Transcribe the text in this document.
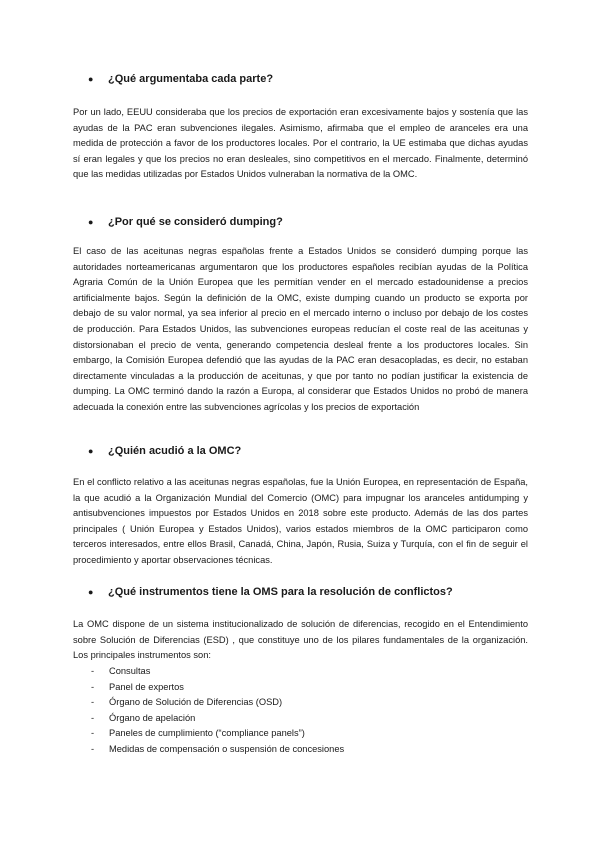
● ¿Qué argumentaba cada parte?

Por un lado, EEUU consideraba que los precios de exportación eran excesivamente bajos y sostenía que las ayudas de la PAC eran subvenciones ilegales. Asimismo, afirmaba que el empleo de aranceles era una medida de protección a favor de los productores locales. Por el contrario, la UE estimaba que dichas ayudas sí eran legales y que los precios no eran desleales, sino competitivos en el mercado. Finalmente, determinó que las medidas utilizadas por Estados Unidos vulneraban la normativa de la OMC.

● ¿Por qué se consideró dumping?

El caso de las aceitunas negras españolas frente a Estados Unidos se consideró dumping porque las autoridades norteamericanas argumentaron que los productores españoles recibían ayudas de la Política Agraria Común de la Unión Europea que les permitían vender en el mercado estadounidense a precios artificialmente bajos. Según la definición de la OMC, existe dumping cuando un producto se exporta por debajo de su valor normal, ya sea inferior al precio en el mercado interno o incluso por debajo de los costes de producción. Para Estados Unidos, las subvenciones europeas reducían el coste real de las aceitunas y distorsionaban el precio de venta, generando competencia desleal frente a los productores locales. Sin embargo, la Comisión Europea defendió que las ayudas de la PAC eran desacopladas, es decir, no estaban directamente vinculadas a la producción de aceitunas, y que por tanto no podían justificar la existencia de dumping. La OMC terminó dando la razón a Europa, al considerar que Estados Unidos no probó de manera adecuada la conexión entre las subvenciones agrícolas y los precios de exportación

● ¿Quién acudió a la OMC?

En el conflicto relativo a las aceitunas negras españolas, fue la Unión Europea, en representación de España, la que acudió a la Organización Mundial del Comercio (OMC) para impugnar los aranceles antidumping y antisubvenciones impuestos por Estados Unidos en 2018 sobre este producto. Además de las dos partes principales ( Unión Europea y Estados Unidos), varios estados miembros de la OMC participaron como terceros interesados, entre ellos Brasil, Canadá, China, Japón, Rusia, Suiza y Turquía, con el fin de seguir el procedimiento y aportar observaciones técnicas.

● ¿Qué instrumentos tiene la OMS para la resolución de conflictos?

La OMC dispone de un sistema institucionalizado de solución de diferencias, recogido en el Entendimiento sobre Solución de Diferencias (ESD) , que constituye uno de los pilares fundamentales de la organización. Los principales instrumentos son:

- Consultas
- Panel de expertos
- Órgano de Solución de Diferencias (OSD)
- Órgano de apelación
- Paneles de cumplimiento (“compliance panels”)
- Medidas de compensación o suspensión de concesiones
